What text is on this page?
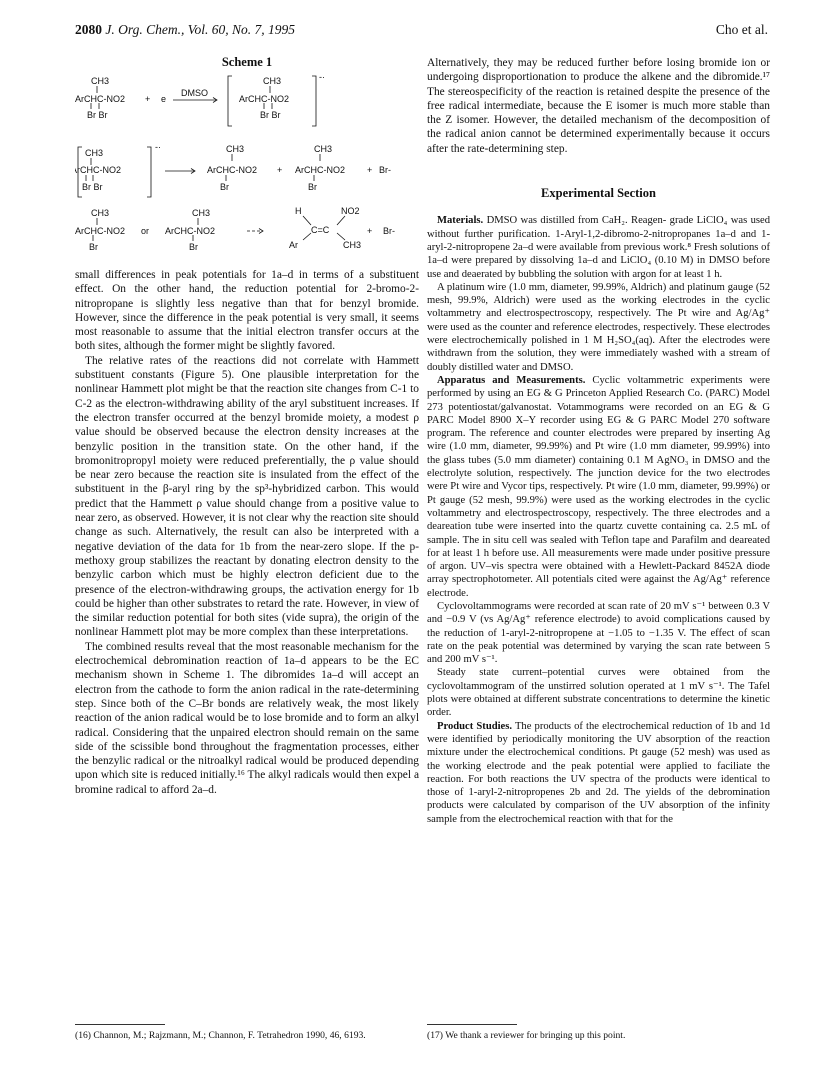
2080 J. Org. Chem., Vol. 60, No. 7, 1995	Cho et al.
Scheme 1
CH3
ArCHC-NO2
Br Br
+ e
DMSO
CH3
ArCHC-NO2
Br Br
-·
CH3
ArCHC-NO2
Br Br
-·	CH3
ArCHC-NO2
Br
+
CH3
ArCHC-NO2
Br
+ Br-
CH3
ArCHC-NO2
Br
or
CH3
ArCHC-NO2
Br
H	NO2
C=C
Ar	CH3
+ Br-

small differences in peak potentials for 1a–d in terms of a substituent effect. On the other hand, the reduction potential for 2-bromo-2-nitropropane is slightly less negative than that for benzyl bromide. However, since the difference in the peak potential is very small, it seems most reasonable to assume that the initial electron transfer occurs at the both sites, although the former might be slightly favored.

The relative rates of the reactions did not correlate with Hammett substituent constants (Figure 5). One plausible interpretation for the nonlinear Hammett plot might be that the reaction site changes from C-1 to C-2 as the electron-withdrawing ability of the aryl substituent increases. If the electron transfer occurred at the benzyl bromide moiety, a modest ρ value should be observed because the electron density increases at the benzylic position in the transition state. On the other hand, if the bromonitropropyl moiety were reduced preferentially, the ρ value should be near zero because the reaction site is insulated from the effect of the substituent in the β-aryl ring by the sp³-hybridized carbon. This would predict that the Hammett ρ value should change from a positive value to near zero, as observed. However, it is not clear why the reaction site should change as such. Alternatively, the result can also be interpreted with a negative deviation of the data for 1b from the near-zero slope. If the p-methoxy group stabilizes the reactant by donating electron density to the benzylic carbon which must be highly electron deficient due to the presence of the electron-withdrawing groups, the activation energy for 1b could be higher than other substrates to retard the rate. However, in view of the similar reduction potential for both sites (vide supra), the origin of the nonlinear Hammett plot may be more complex than these interpretations.

The combined results reveal that the most reasonable mechanism for the electrochemical debromination reaction of 1a–d appears to be the EC mechanism shown in Scheme 1. The dibromides 1a–d will accept an electron from the cathode to form the anion radical in the rate-determining step. Since both of the C–Br bonds are relatively weak, the most likely reaction of the anion radical would be to lose bromide and to form an alkyl radical. Considering that the unpaired electron should remain on the same side of the scissible bond throughout the fragmentation processes, either the benzylic radical or the nitroalkyl radical would be produced depending upon which site is reduced initially.¹⁶ The alkyl radicals would then expel a bromine radical to afford 2a–d.

Alternatively, they may be reduced further before losing bromide ion or undergoing disproportionation to produce the alkene and the dibromide.¹⁷ The stereospecificity of the reaction is retained despite the presence of the free radical intermediate, because the E isomer is much more stable than the Z isomer. However, the detailed mechanism of the decomposition of the radical anion cannot be determined experimentally because it occurs after the rate-determining step.

Experimental Section

Materials. DMSO was distilled from CaH₂. Reagen- grade LiClO₄ was used without further purification. 1-Aryl-1,2-dibromo-2-nitropropanes 1a–d and 1-aryl-2-nitropropene 2a–d were available from previous work.⁸ Fresh solutions of 1a–d were prepared by dissolving 1a–d and LiClO₄ (0.10 M) in DMSO before use and deaerated by bubbling the solution with argon for at least 1 h.

A platinum wire (1.0 mm, diameter, 99.99%, Aldrich) and platinum gauge (52 mesh, 99.9%, Aldrich) were used as the working electrodes in the cyclic voltammetry and electrospectroscopy, respectively. The Pt wire and Ag/Ag⁺ were used as the counter and reference electrodes, respectively. These electrodes were electrochemically polished in 1 M H₂SO₄(aq). After the electrodes were withdrawn from the solution, they were immediately washed with a stream of doubly distilled water and DMSO.

Apparatus and Measurements. Cyclic voltammetric experiments were performed by using an EG & G Princeton Applied Research Co. (PARC) Model 273 potentiostat/galvanostat. Votammograms were recorded on an EG & G PARC Model 8900 X–Y recorder using EG & G PARC Model 270 software program. The reference and counter electrodes were prepared by inserting Ag wire (1.0 mm, diameter, 99.99%) and Pt wire (1.0 mm diameter, 99.99%) into the glass tubes (5.0 mm diameter) containing 0.1 M AgNO₃ in DMSO and the electrolyte solution, respectively. The junction device for the two electrodes were Pt wire and Vycor tips, respectively. Pt wire (1.0 mm, diameter, 99.99%) or Pt gauge (52 mesh, 99.9%) were used as the working electrodes in the cyclic voltammetry and electrospectroscopy, respectively. The three electrodes and a deareation tube were inserted into the quartz cuvette containing ca. 2.5 mL of sample. The in situ cell was sealed with Teflon tape and Parafilm and deareated for at least 1 h before use. All measurements were made under positive pressure of argon. UV–vis spectra were obtained with a Hewlett-Packard 8452A diode array spectrophotometer. All potentials cited were against the Ag/Ag⁺ reference electrode.

Cyclovoltammograms were recorded at scan rate of 20 mV s⁻¹ between 0.3 V and −0.9 V (vs Ag/Ag⁺ reference electrode) to avoid complications caused by the reduction of 1-aryl-2-nitropropene at −1.05 to −1.35 V. The effect of scan rate on the peak potential was determined by varying the scan rate between 5 and 200 mV s⁻¹.

Steady state current–potential curves were obtained from the cyclovoltammogram of the unstirred solution operated at 1 mV s⁻¹. The Tafel plots were obtained at different substrate concentrations to determine the kinetic order.

Product Studies. The products of the electrochemical reduction of 1b and 1d were identified by periodically monitoring the UV absorption of the reaction mixture under the electrochemical conditions. Pt gauge (52 mesh) was used as the working electrode and the peak potential were applied to faciliate the reaction. For both reactions the UV spectra of the products were identical to those of 1-aryl-2-nitropropenes 2b and 2d. The yields of the debromination products were calculated by comparison of the UV absorption of the infinity sample from the electrochemical reaction with that for the

(16) Channon, M.; Rajzmann, M.; Channon, F. Tetrahedron 1990, 46, 6193.	(17) We thank a reviewer for bringing up this point.
